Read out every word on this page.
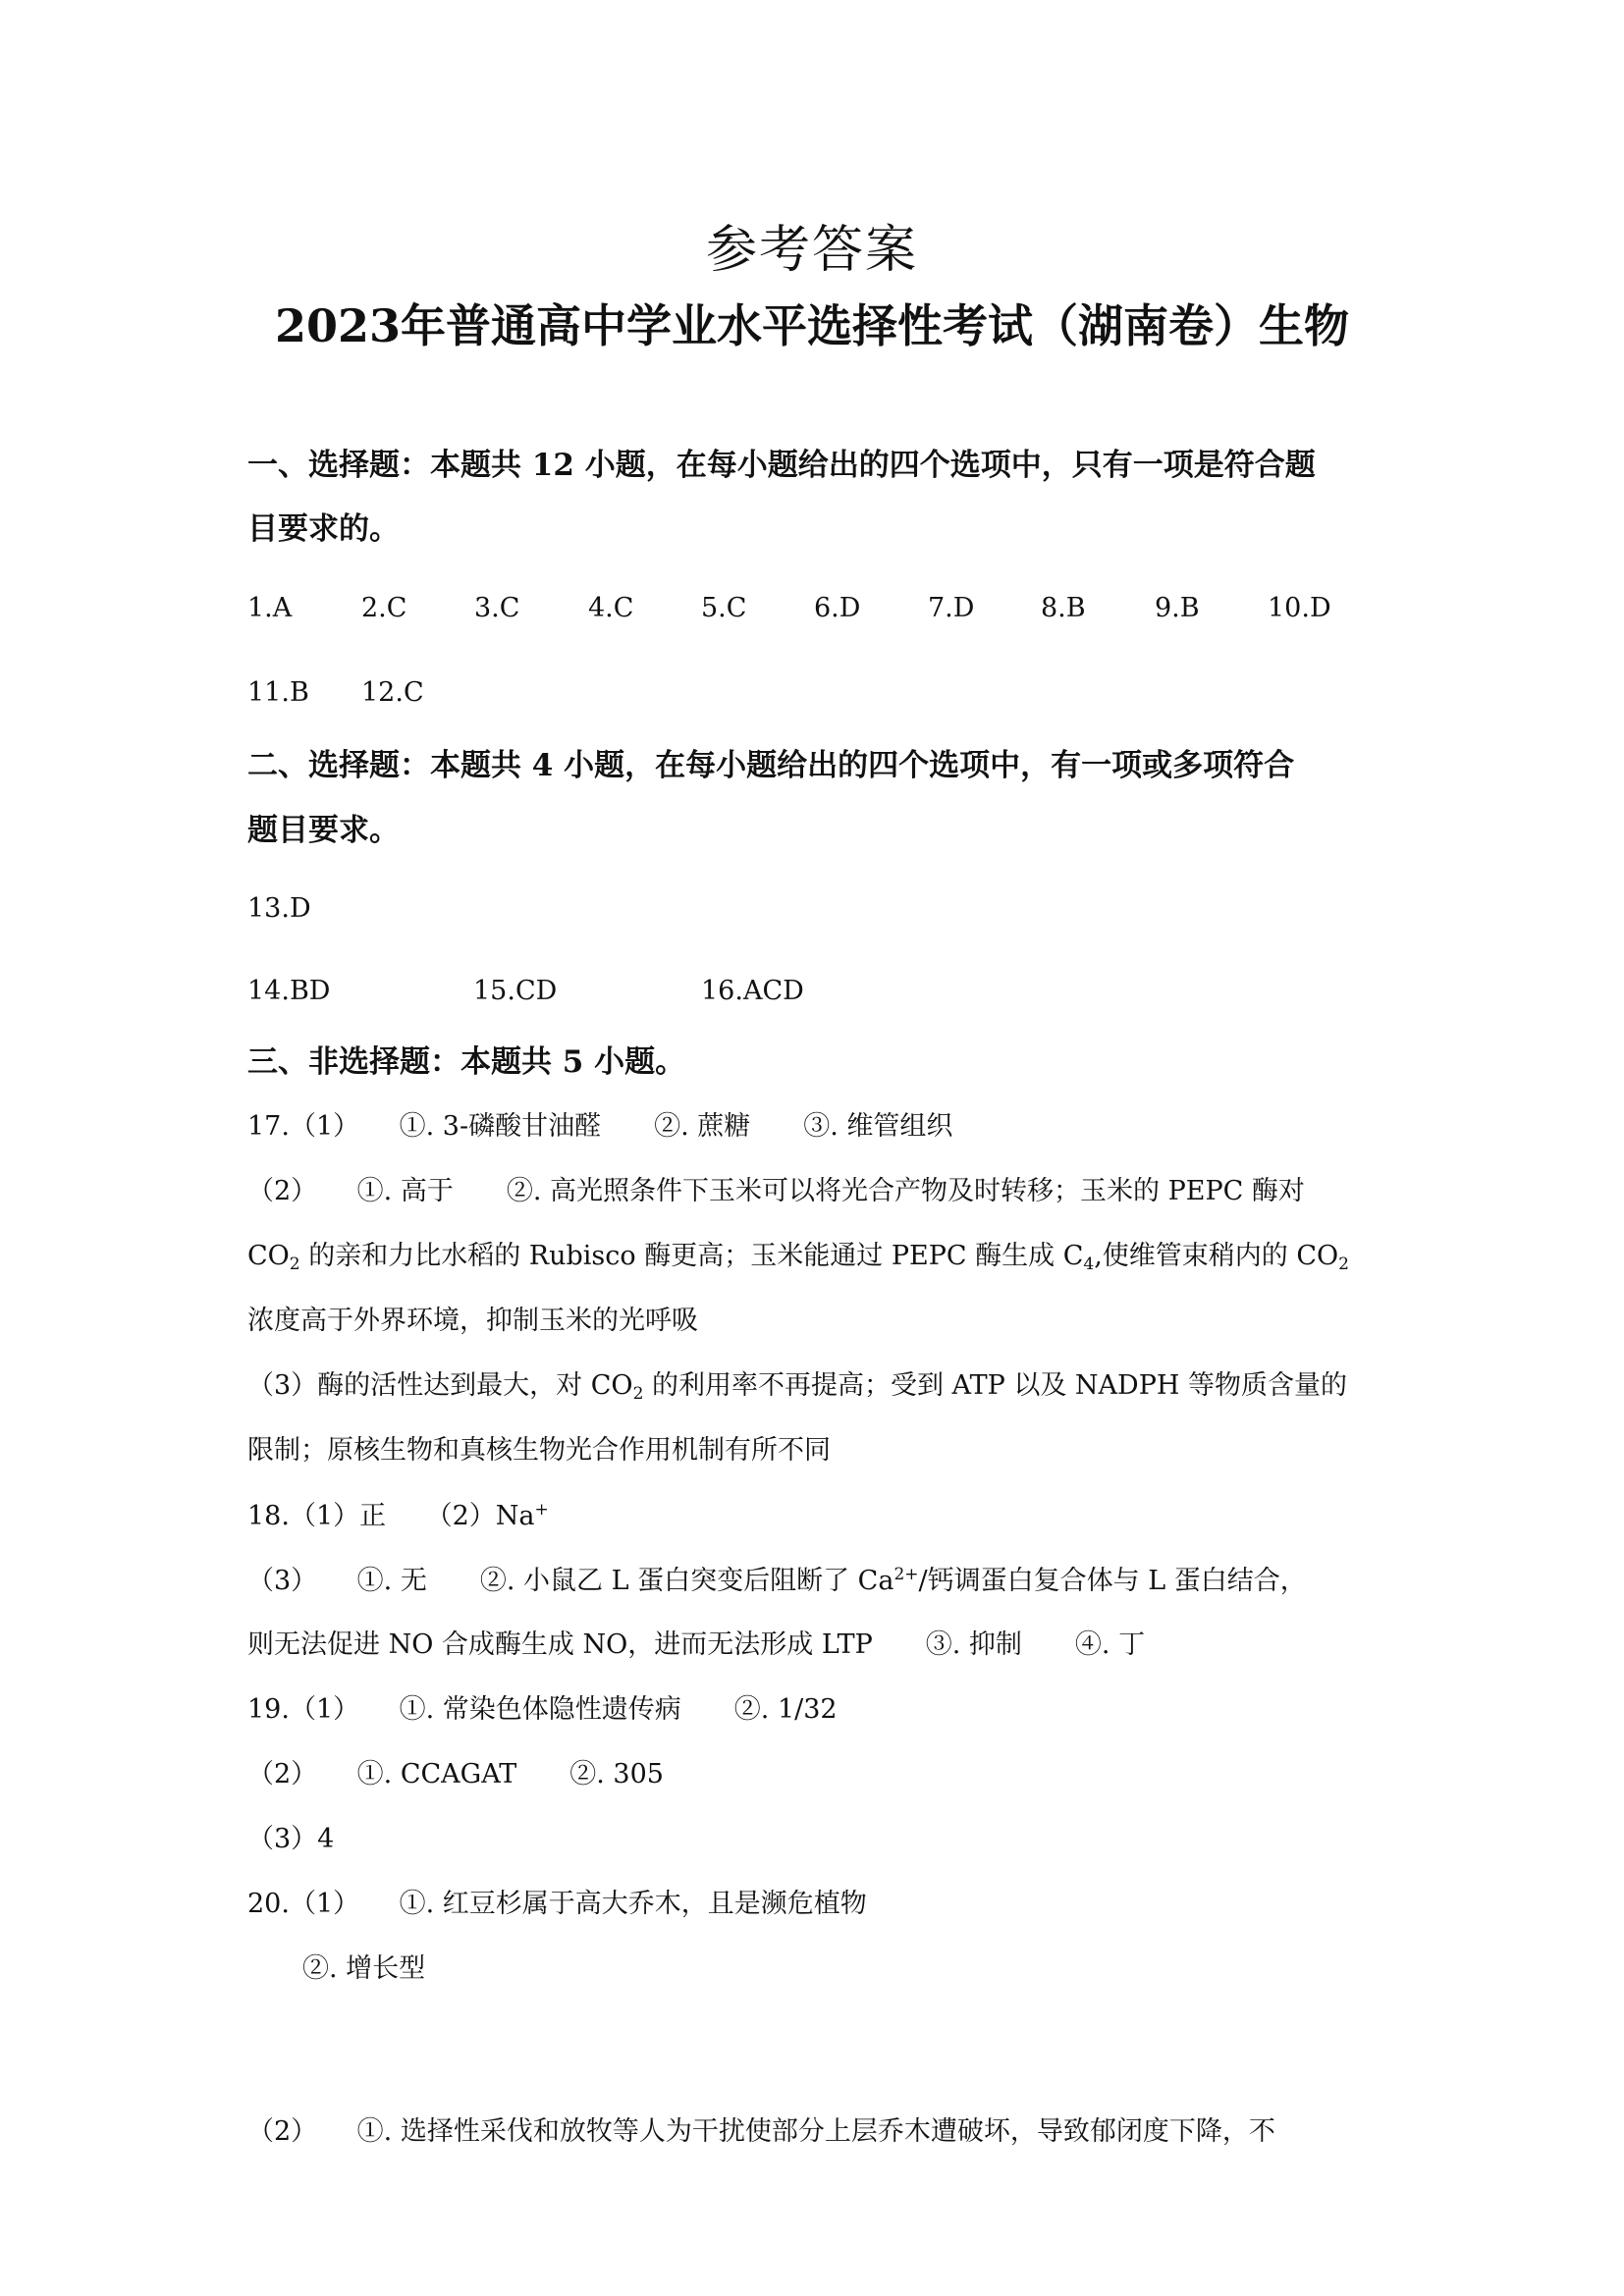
参考答案
2023年普通高中学业水平选择性考试（湖南卷）生物
一、选择题：本题共 12 小题，在每小题给出的四个选项中，只有一项是符合题
目要求的。
1.A	2.C	3.C	4.C	5.C	6.D	7.D	8.B	9.B	10.D
11.B 12.C
二、选择题：本题共 4 小题，在每小题给出的四个选项中，有一项或多项符合
题目要求。
13.D
14.BD	15.CD	16.ACD
三、非选择题：本题共 5 小题。
17.（1）　　①. 3-磷酸甘油醛　　②. 蔗糖　　③. 维管组织
（2）　　①. 高于　　②. 高光照条件下玉米可以将光合产物及时转移；玉米的 PEPC 酶对
$CO_2$ 的亲和力比水稻的 Rubisco 酶更高；玉米能通过 PEPC 酶生成 $C_4$,使维管束稍内的 $CO_2$
浓度高于外界环境，抑制玉米的光呼吸
（3）酶的活性达到最大，对 $CO_2$ 的利用率不再提高；受到 ATP 以及 NADPH 等物质含量的
限制；原核生物和真核生物光合作用机制有所不同
18.（1）正　　（2）Na+
（3）　　①. 无　　②. 小鼠乙 L 蛋白突变后阻断了 $Ca^{2+}/$钙调蛋白复合体与 L 蛋白结合，
则无法促进 NO 合成酶生成 NO，进而无法形成 LTP　　③. 抑制　　④. 丁
19.（1）　　①. 常染色体隐性遗传病　　②. 1/32
（2）　　①. CCAGAT　　②. 305
（3）4
20.（1）　　①. 红豆杉属于高大乔木，且是濒危植物
②. 增长型
（2）　　①. 选择性采伐和放牧等人为干扰使部分上层乔木遭破坏，导致郁闭度下降，不
